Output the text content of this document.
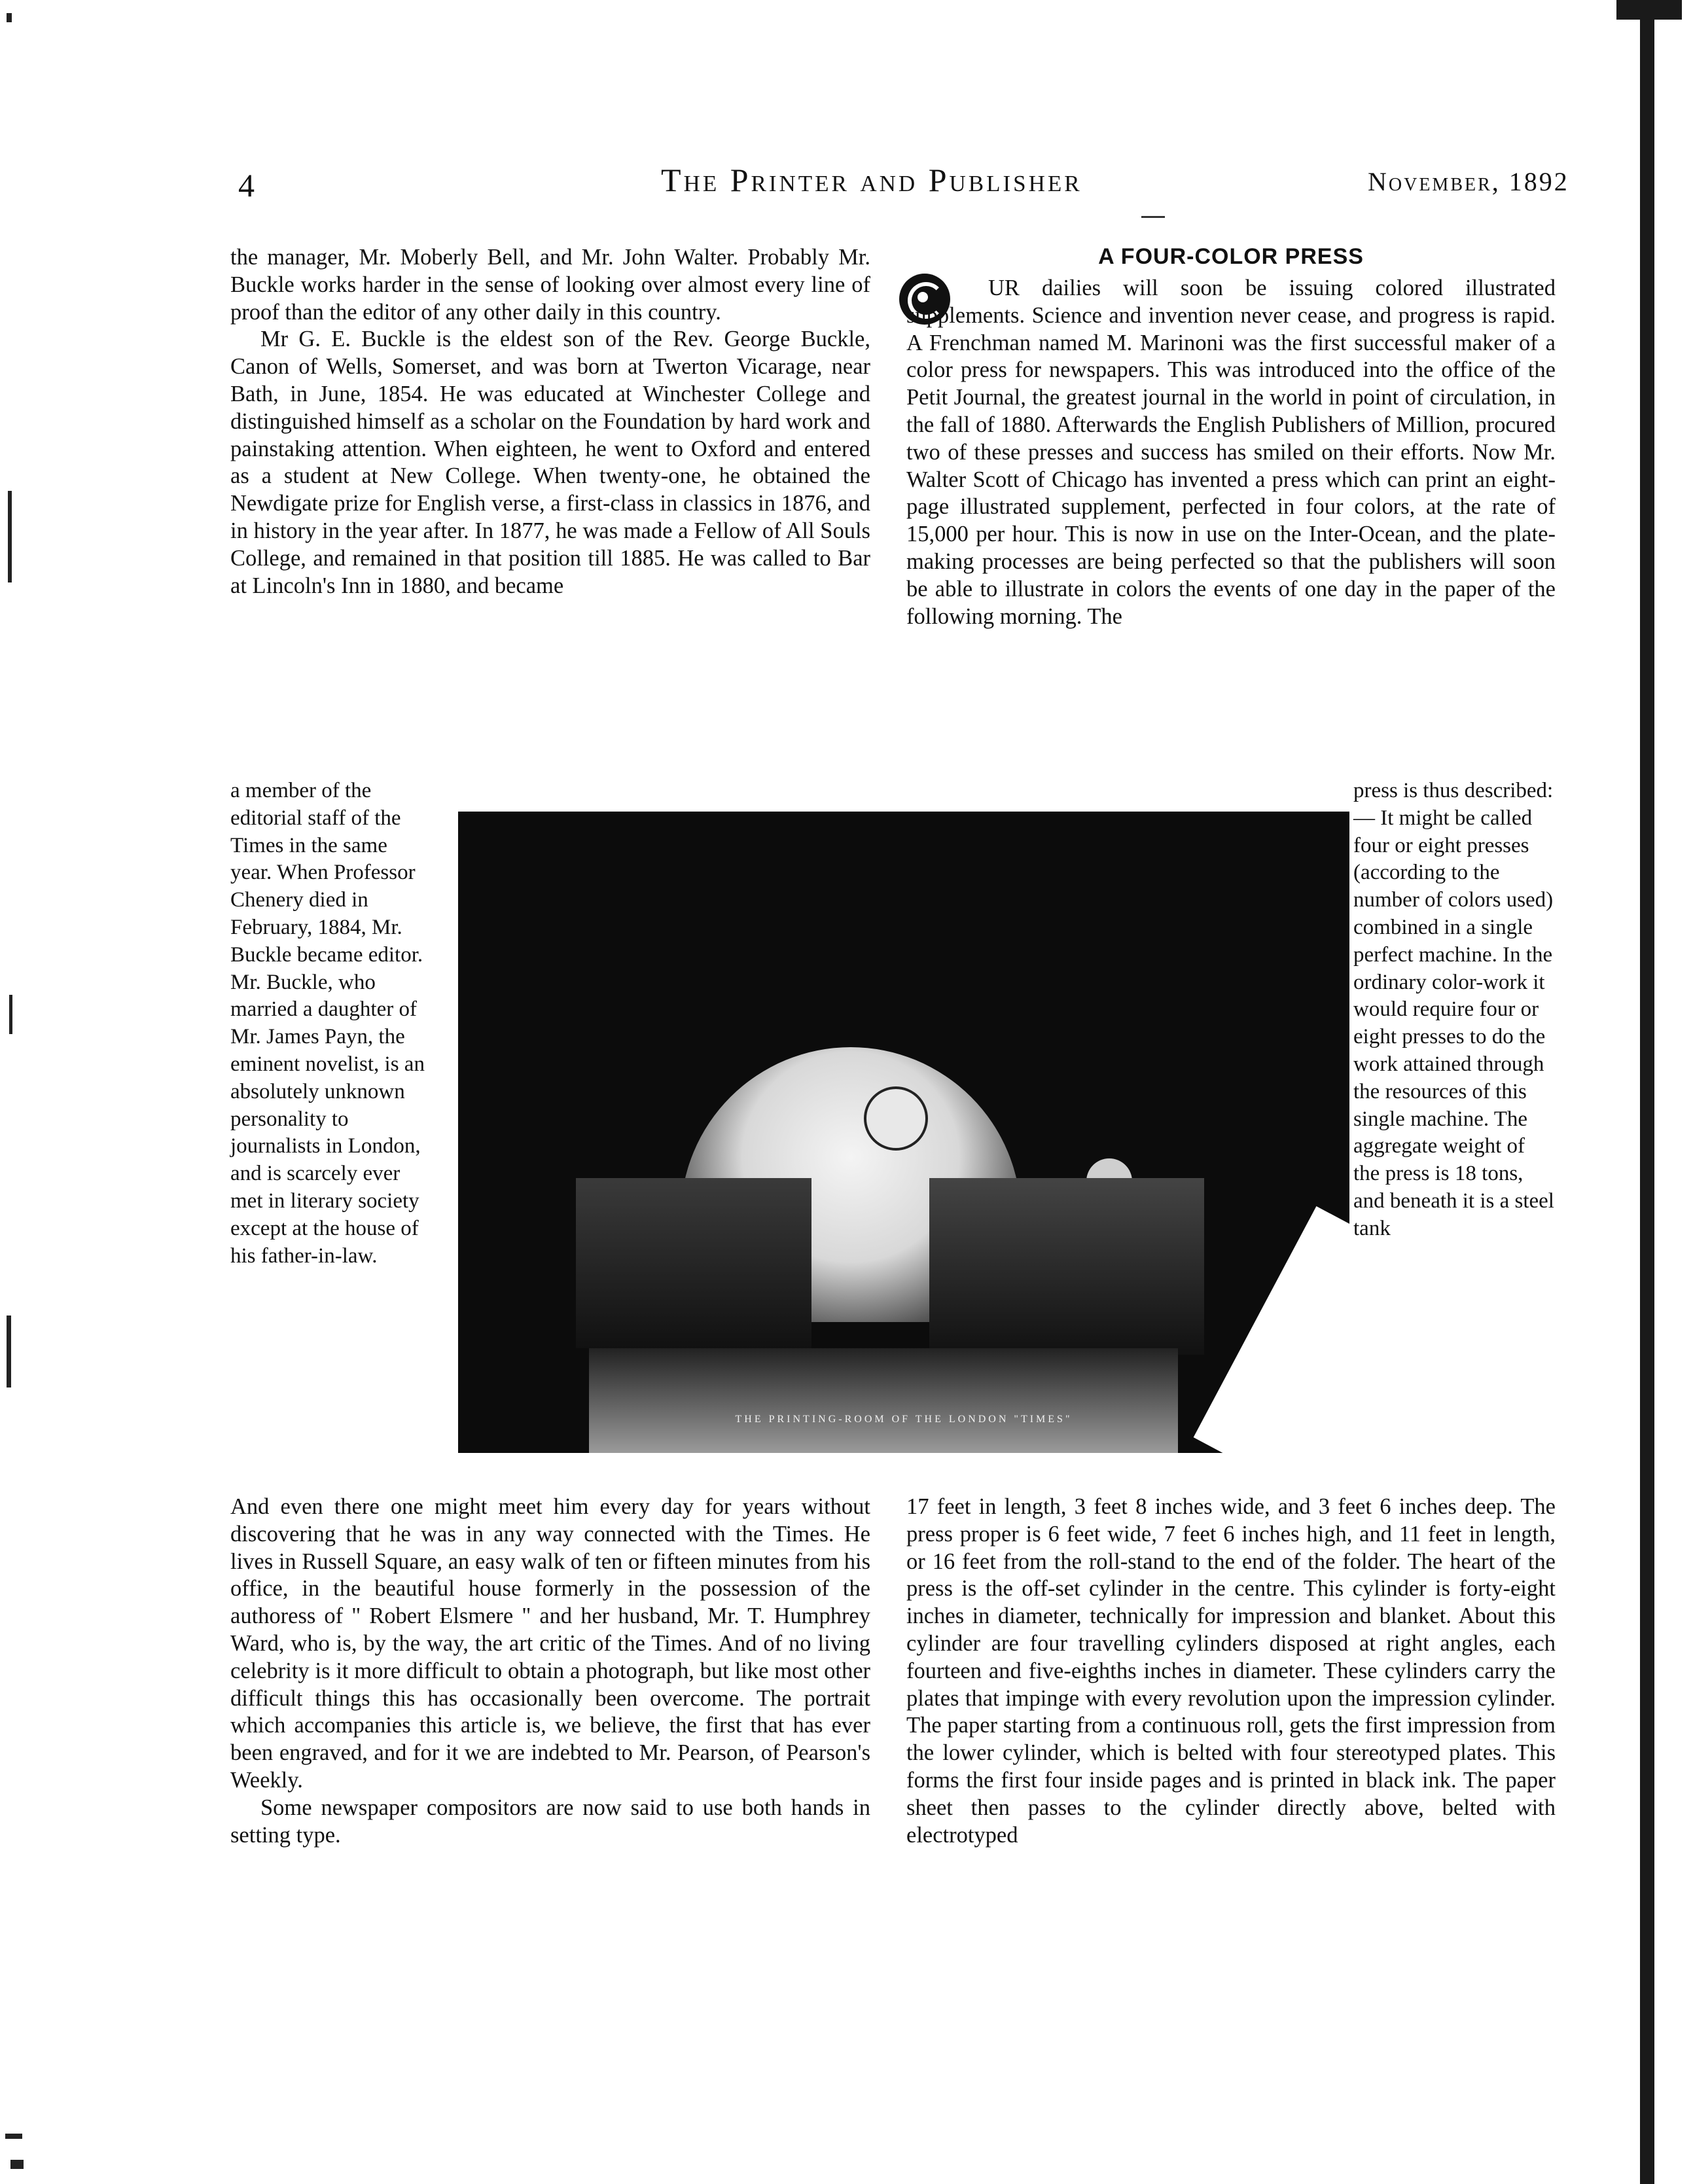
4	The Printer and Publisher	November, 1892

the manager, Mr. Moberly Bell, and Mr. John Walter. Probably Mr. Buckle works harder in the sense of looking over almost every line of proof than the editor of any other daily in this country.

Mr G. E. Buckle is the eldest son of the Rev. George Buckle, Canon of Wells, Somerset, and was born at Twerton Vicarage, near Bath, in June, 1854. He was educated at Winchester College and distinguished himself as a scholar on the Foundation by hard work and painstaking attention. When eighteen, he went to Oxford and entered as a student at New College. When twenty-one, he obtained the Newdigate prize for English verse, a first-class in classics in 1876, and in history in the year after. In 1877, he was made a Fellow of All Souls College, and remained in that position till 1885. He was called to Bar at Lincoln's Inn in 1880, and became

a member of the editorial staff of the Times in the same year. When Professor Chenery died in February, 1884, Mr. Buckle became editor. Mr. Buckle, who married a daughter of Mr. James Payn, the eminent novelist, is an absolutely unknown personality to journalists in London, and is scarcely ever met in literary society except at the house of his father-in-law.

And even there one might meet him every day for years without discovering that he was in any way connected with the Times. He lives in Russell Square, an easy walk of ten or fifteen minutes from his office, in the beautiful house formerly in the possession of the authoress of " Robert Elsmere " and her husband, Mr. T. Humphrey Ward, who is, by the way, the art critic of the Times. And of no living celebrity is it more difficult to obtain a photograph, but like most other difficult things this has occasionally been overcome. The portrait which accompanies this article is, we believe, the first that has ever been engraved, and for it we are indebted to Mr. Pearson, of Pearson's Weekly.

Some newspaper compositors are now said to use both hands in setting type.

A FOUR-COLOR PRESS

UR dailies will soon be issuing colored illustrated supplements. Science and invention never cease, and progress is rapid. A Frenchman named M. Marinoni was the first successful maker of a color press for newspapers. This was introduced into the office of the Petit Journal, the greatest journal in the world in point of circulation, in the fall of 1880. Afterwards the English Publishers of Million, procured two of these presses and success has smiled on their efforts. Now Mr. Walter Scott of Chicago has invented a press which can print an eight-page illustrated supplement, perfected in four colors, at the rate of 15,000 per hour. This is now in use on the Inter-Ocean, and the plate-making processes are being perfected so that the publishers will soon be able to illustrate in colors the events of one day in the paper of the following morning. The

press is thus described:— It might be called four or eight presses (according to the number of colors used) combined in a single perfect machine. In the ordinary color-work it would require four or eight presses to do the work attained through the resources of this single machine. The aggregate weight of the press is 18 tons, and beneath it is a steel tank

17 feet in length, 3 feet 8 inches wide, and 3 feet 6 inches deep. The press proper is 6 feet wide, 7 feet 6 inches high, and 11 feet in length, or 16 feet from the roll-stand to the end of the folder. The heart of the press is the off-set cylinder in the centre. This cylinder is forty-eight inches in diameter, technically for impression and blanket. About this cylinder are four travelling cylinders disposed at right angles, each fourteen and five-eighths inches in diameter. These cylinders carry the plates that impinge with every revolution upon the impression cylinder. The paper starting from a continuous roll, gets the first impression from the lower cylinder, which is belted with four stereotyped plates. This forms the first four inside pages and is printed in black ink. The paper sheet then passes to the cylinder directly above, belted with electrotyped

THE PRINTING-ROOM OF THE LONDON "TIMES"
